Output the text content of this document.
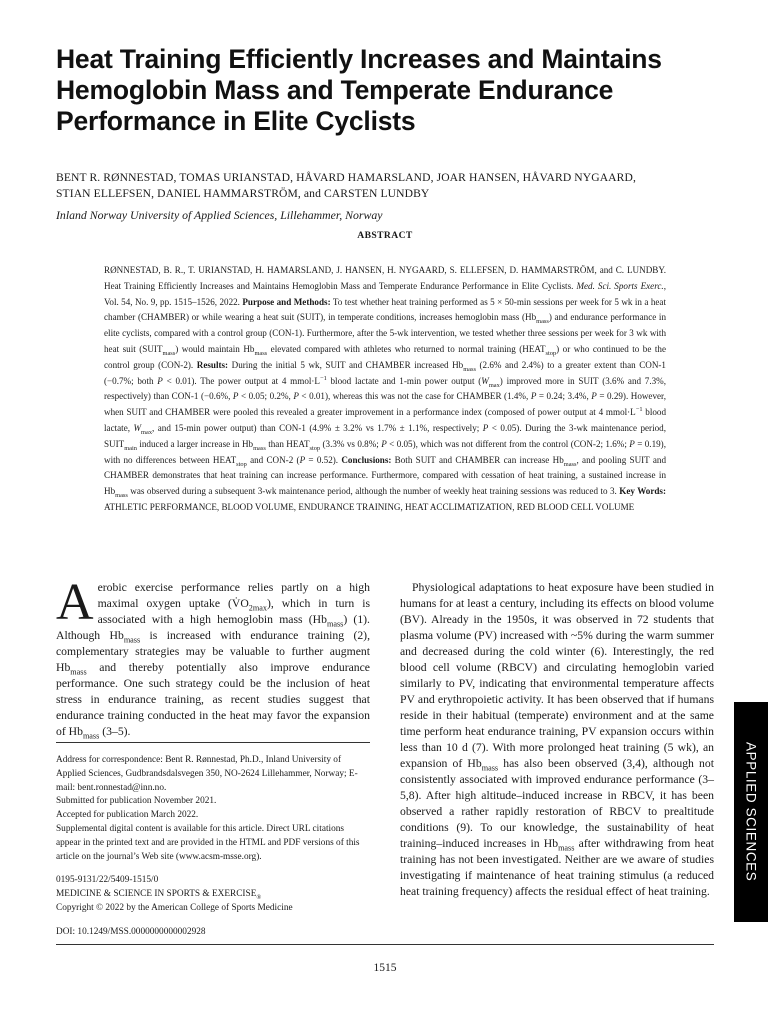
Heat Training Efficiently Increases and Maintains Hemoglobin Mass and Temperate Endurance Performance in Elite Cyclists
BENT R. RØNNESTAD, TOMAS URIANSTAD, HÅVARD HAMARSLAND, JOAR HANSEN, HÅVARD NYGAARD,
STIAN ELLEFSEN, DANIEL HAMMARSTRÖM, and CARSTEN LUNDBY
Inland Norway University of Applied Sciences, Lillehammer, Norway
ABSTRACT
RØNNESTAD, B. R., T. URIANSTAD, H. HAMARSLAND, J. HANSEN, H. NYGAARD, S. ELLEFSEN, D. HAMMARSTRÖM, and C. LUNDBY. Heat Training Efficiently Increases and Maintains Hemoglobin Mass and Temperate Endurance Performance in Elite Cyclists. Med. Sci. Sports Exerc., Vol. 54, No. 9, pp. 1515–1526, 2022. Purpose and Methods: To test whether heat training performed as 5 × 50-min sessions per week for 5 wk in a heat chamber (CHAMBER) or while wearing a heat suit (SUIT), in temperate conditions, increases hemoglobin mass $(Hb_{mass})$ and endurance performance in elite cyclists, compared with a control group (CON-1). Furthermore, after the 5-wk intervention, we tested whether three sessions per week for 3 wk with heat suit $(SUIT_{mass})$ would maintain $Hb_{mass}$ elevated compared with athletes who returned to normal training $(HEAT_{stop})$ or who continued to be the control group (CON-2). Results: During the initial 5 wk, SUIT and CHAMBER increased $Hb_{mass}$ (2.6% and 2.4%) to a greater extent than CON-1 (−0.7%; both P < 0.01). The power output at 4 $mmol\cdot L^{-1}$ blood lactate and 1-min power output $(W_{max})$ improved more in SUIT (3.6% and 7.3%, respectively) than CON-1 (−0.6%, P < 0.05; 0.2%, P < 0.01), whereas this was not the case for CHAMBER (1.4%, P = 0.24; 3.4%, P = 0.29). However, when SUIT and CHAMBER were pooled this revealed a greater improvement in a performance index (composed of power output at 4 $mmol\cdot L^{-1}$ blood lactate, $W_{max}$, and 15-min power output) than CON-1 (4.9% ± 3.2% vs 1.7% ± 1.1%, respectively; P < 0.05). During the 3-wk maintenance period, $SUIT_{main}$ induced a larger increase in $Hb_{mass}$ than $HEAT_{stop}$ (3.3% vs 0.8%; P < 0.05), which was not different from the control (CON-2; 1.6%; P = 0.19), with no differences between $HEAT_{stop}$ and CON-2 (P = 0.52). Conclusions: Both SUIT and CHAMBER can increase $Hb_{mass}$, and pooling SUIT and CHAMBER demonstrates that heat training can increase performance. Furthermore, compared with cessation of heat training, a sustained increase in $Hb_{mass}$ was observed during a subsequent 3-wk maintenance period, although the number of weekly heat training sessions was reduced to 3. Key Words: ATHLETIC PERFORMANCE, BLOOD VOLUME, ENDURANCE TRAINING, HEAT ACCLIMATIZATION, RED BLOOD CELL VOLUME

Aerobic exercise performance relies partly on a high maximal oxygen uptake $(V̇O_{2max})$, which in turn is associated with a high hemoglobin mass $(Hb_{mass})$ (1). Although $Hb_{mass}$ is increased with endurance training (2), complementary strategies may be valuable to further augment $Hb_{mass}$ and thereby potentially also improve endurance performance. One such strategy could be the inclusion of heat stress in endurance training, as recent studies suggest that endurance training conducted in the heat may favor the expansion of $Hb_{mass}$ (3–5).

Physiological adaptations to heat exposure have been studied in humans for at least a century, including its effects on blood volume (BV). Already in the 1950s, it was observed in 72 students that plasma volume (PV) increased with ~5% during the warm summer and decreased during the cold winter (6). Interestingly, the red blood cell volume (RBCV) and circulating hemoglobin varied similarly to PV, indicating that environmental temperature affects PV and erythropoietic activity. It has been observed that if humans reside in their habitual (temperate) environment and at the same time perform heat endurance training, PV expansion occurs within less than 10 d (7). With more prolonged heat training (5 wk), an expansion of $Hb_{mass}$ has also been observed (3,4), although not consistently associated with improved endurance performance (3–5,8). After high altitude–induced increase in RBCV, it has been observed a rather rapidly restoration of RBCV to prealtitude conditions (9). To our knowledge, the sustainability of heat training–induced increases in $Hb_{mass}$ after withdrawing from heat training has not been investigated. Neither are we aware of studies investigating if maintenance of heat training stimulus (a reduced heat training frequency) affects the residual effect of heat training.

Address for correspondence: Bent R. Rønnestad, Ph.D., Inland University of Applied Sciences, Gudbrandsdalsvegen 350, NO-2624 Lillehammer, Norway; E-mail: bent.ronnestad@inn.no.
Submitted for publication November 2021.
Accepted for publication March 2022.
Supplemental digital content is available for this article. Direct URL citations appear in the printed text and are provided in the HTML and PDF versions of this article on the journal’s Web site (www.acsm-msse.org).
0195-9131/22/5409-1515/0
MEDICINE & SCIENCE IN SPORTS & $EXERCISE_®$
Copyright © 2022 by the American College of Sports Medicine
DOI: 10.1249/MSS.0000000000002928
1515
APPLIED SCIENCES
